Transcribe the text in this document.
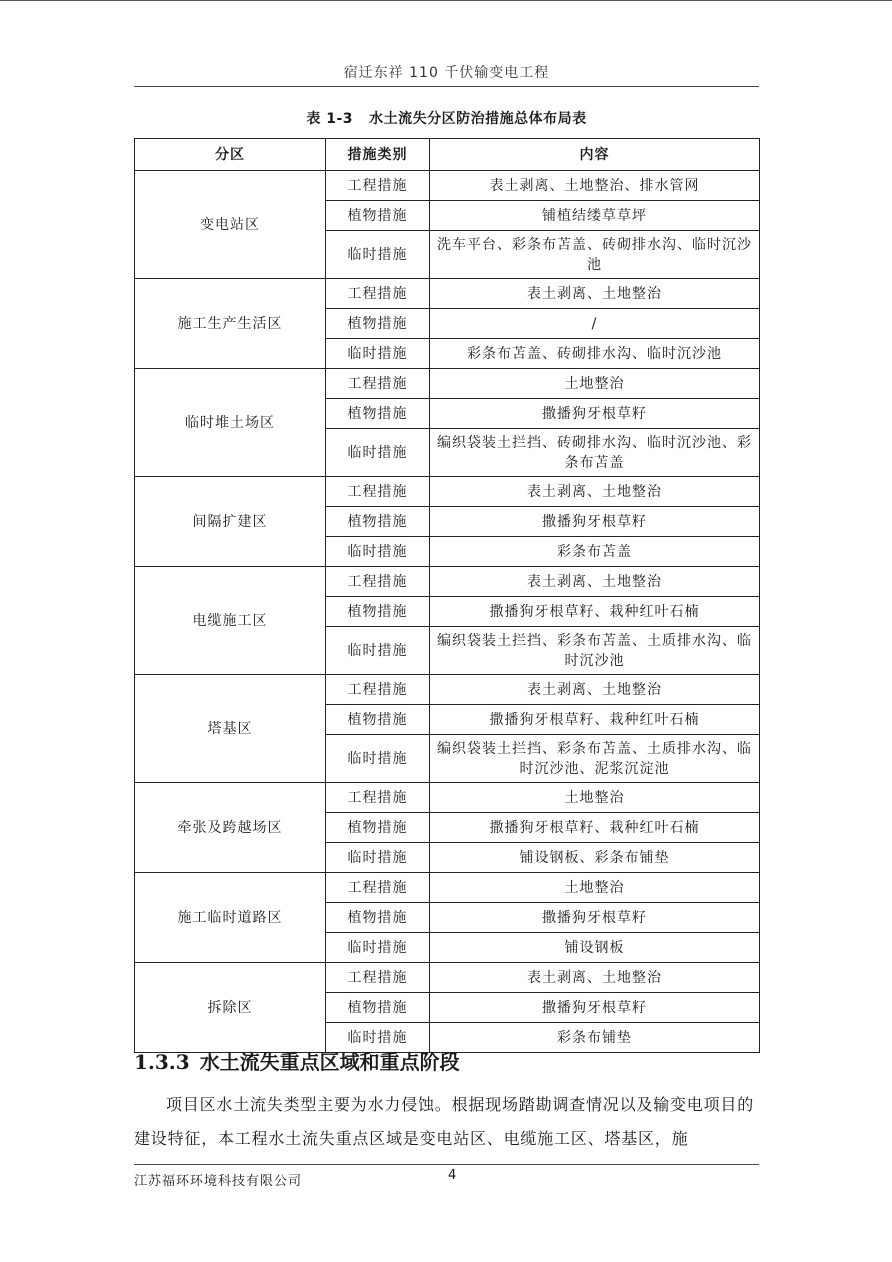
宿迁东祥 110 千伏输变电工程
表 1-3 水土流失分区防治措施总体布局表
分区	措施类别	内容
变电站区	工程措施	表土剥离、土地整治、排水管网
	植物措施	铺植结缕草草坪
	临时措施	洗车平台、彩条布苫盖、砖砌排水沟、临时沉沙池
施工生产生活区	工程措施	表土剥离、土地整治
	植物措施	/
	临时措施	彩条布苫盖、砖砌排水沟、临时沉沙池
临时堆土场区	工程措施	土地整治
	植物措施	撒播狗牙根草籽
	临时措施	编织袋装土拦挡、砖砌排水沟、临时沉沙池、彩条布苫盖
间隔扩建区	工程措施	表土剥离、土地整治
	植物措施	撒播狗牙根草籽
	临时措施	彩条布苫盖
电缆施工区	工程措施	表土剥离、土地整治
	植物措施	撒播狗牙根草籽、栽种红叶石楠
	临时措施	编织袋装土拦挡、彩条布苫盖、土质排水沟、临时沉沙池
塔基区	工程措施	表土剥离、土地整治
	植物措施	撒播狗牙根草籽、栽种红叶石楠
	临时措施	编织袋装土拦挡、彩条布苫盖、土质排水沟、临时沉沙池、泥浆沉淀池
牵张及跨越场区	工程措施	土地整治
	植物措施	撒播狗牙根草籽、栽种红叶石楠
	临时措施	铺设钢板、彩条布铺垫
施工临时道路区	工程措施	土地整治
	植物措施	撒播狗牙根草籽
	临时措施	铺设钢板
拆除区	工程措施	表土剥离、土地整治
	植物措施	撒播狗牙根草籽
	临时措施	彩条布铺垫
1.3.3 水土流失重点区域和重点阶段
项目区水土流失类型主要为水力侵蚀。根据现场踏勘调查情况以及输变电项目的建设特征，本工程水土流失重点区域是变电站区、电缆施工区、塔基区，施
江苏福环环境科技有限公司	4
